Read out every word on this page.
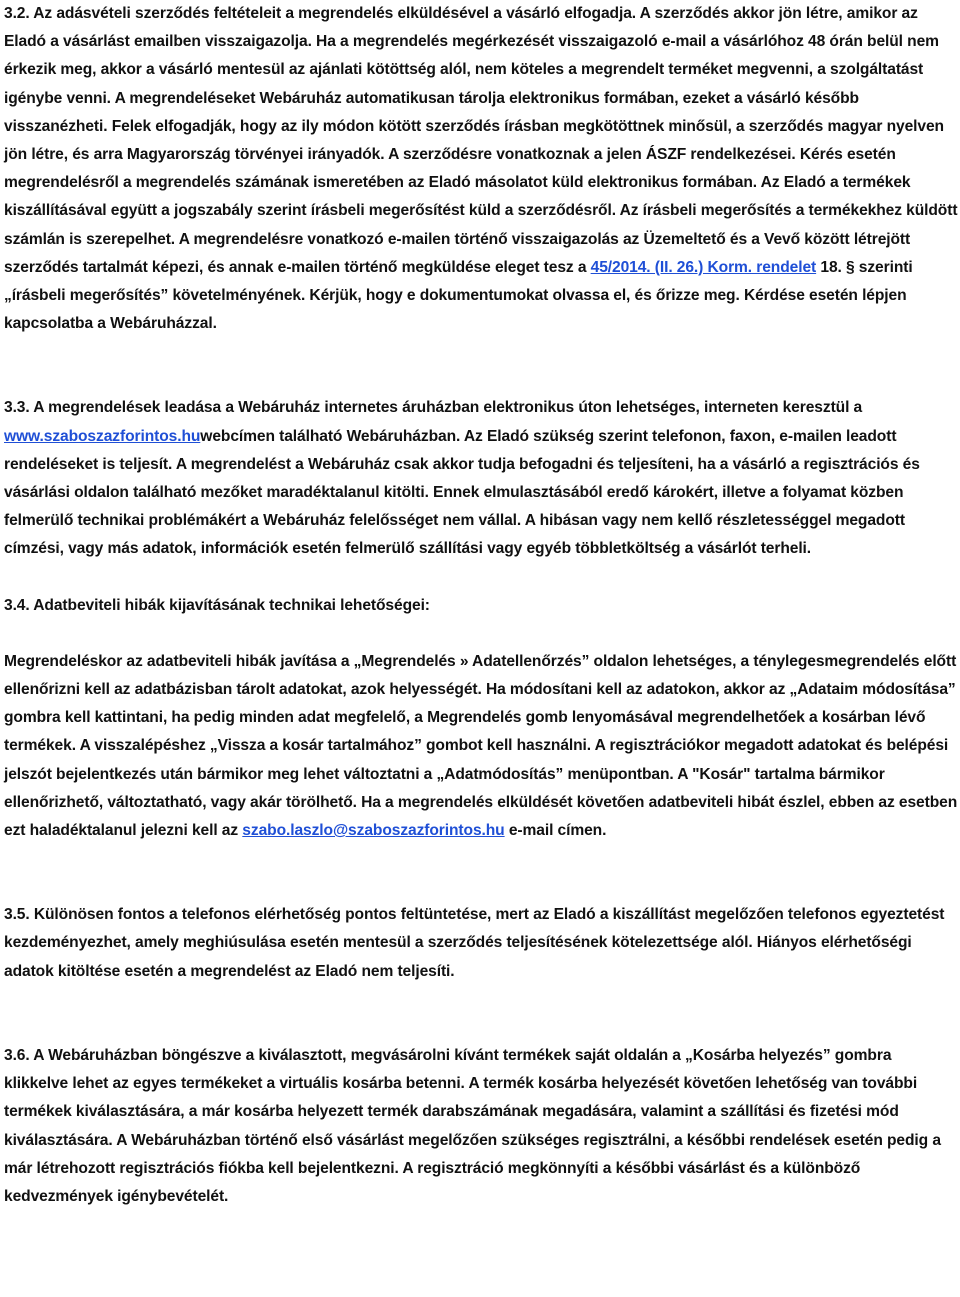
3.2. Az adásvételi szerződés feltételeit a megrendelés elküldésével a vásárló elfogadja. A szerződés akkor jön létre, amikor az Eladó a vásárlást emailben visszaigazolja. Ha a megrendelés megérkezését visszaigazoló e-mail a vásárlóhoz 48 órán belül nem érkezik meg, akkor a vásárló mentesül az ajánlati kötöttség alól, nem köteles a megrendelt terméket megvenni, a szolgáltatást igénybe venni. A megrendeléseket Webáruház automatikusan tárolja elektronikus formában, ezeket a vásárló később visszanézheti. Felek elfogadják, hogy az ily módon kötött szerződés írásban megkötöttnek minősül, a szerződés magyar nyelven jön létre, és arra Magyarország törvényei irányadók. A szerződésre vonatkoznak a jelen ÁSZF rendelkezései. Kérés esetén megrendelésről a megrendelés számának ismeretében az Eladó másolatot küld elektronikus formában. Az Eladó a termékek kiszállításával együtt a jogszabály szerint írásbeli megerősítést küld a szerződésről. Az írásbeli megerősítés a termékekhez küldött számlán is szerepelhet. A megrendelésre vonatkozó e-mailen történő visszaigazolás az Üzemeltető és a Vevő között létrejött szerződés tartalmát képezi, és annak e-mailen történő megküldése eleget tesz a 45/2014. (II. 26.) Korm. rendelet 18. § szerinti „írásbeli megerősítés” követelményének. Kérjük, hogy e dokumentumokat olvassa el, és őrizze meg. Kérdése esetén lépjen kapcsolatba a Webáruházzal.

3.3. A megrendelések leadása a Webáruház internetes áruházban elektronikus úton lehetséges, interneten keresztül a www.szaboszazforintos.huwebcímen található Webáruházban. Az Eladó szükség szerint telefonon, faxon, e-mailen leadott rendeléseket is teljesít. A megrendelést a Webáruház csak akkor tudja befogadni és teljesíteni, ha a vásárló a regisztrációs és vásárlási oldalon található mezőket maradéktalanul kitölti. Ennek elmulasztásából eredő károkért, illetve a folyamat közben felmerülő technikai problémákért a Webáruház felelősséget nem vállal. A hibásan vagy nem kellő részletességgel megadott címzési, vagy más adatok, információk esetén felmerülő szállítási vagy egyéb többletköltség a vásárlót terheli.

3.4. Adatbeviteli hibák kijavításának technikai lehetőségei:

Megrendeléskor az adatbeviteli hibák javítása a „Megrendelés » Adatellenőrzés” oldalon lehetséges, a ténylegesmegrendelés előtt ellenőrizni kell az adatbázisban tárolt adatokat, azok helyességét. Ha módosítani kell az adatokon, akkor az „Adataim módosítása” gombra kell kattintani, ha pedig minden adat megfelelő, a Megrendelés gomb lenyomásával megrendelhetőek a kosárban lévő termékek. A visszalépéshez „Vissza a kosár tartalmához” gombot kell használni. A regisztrációkor megadott adatokat és belépési jelszót bejelentkezés után bármikor meg lehet változtatni a „Adatmódosítás” menüpontban. A "Kosár" tartalma bármikor ellenőrizhető, változtatható, vagy akár törölhető. Ha a megrendelés elküldését követően adatbeviteli hibát észlel, ebben az esetben ezt haladéktalanul jelezni kell az szabo.laszlo@szaboszazforintos.hu e-mail címen.

3.5. Különösen fontos a telefonos elérhetőség pontos feltüntetése, mert az Eladó a kiszállítást megelőzően telefonos egyeztetést kezdeményezhet, amely meghiúsulása esetén mentesül a szerződés teljesítésének kötelezettsége alól. Hiányos elérhetőségi adatok kitöltése esetén a megrendelést az Eladó nem teljesíti.

3.6. A Webáruházban böngészve a kiválasztott, megvásárolni kívánt termékek saját oldalán a „Kosárba helyezés” gombra klikkelve lehet az egyes termékeket a virtuális kosárba betenni. A termék kosárba helyezését követően lehetőség van további termékek kiválasztására, a már kosárba helyezett termék darabszámának megadására, valamint a szállítási és fizetési mód kiválasztására. A Webáruházban történő első vásárlást megelőzően szükséges regisztrálni, a későbbi rendelések esetén pedig a már létrehozott regisztrációs fiókba kell bejelentkezni. A regisztráció megkönnyíti a későbbi vásárlást és a különböző kedvezmények igénybevételét.
